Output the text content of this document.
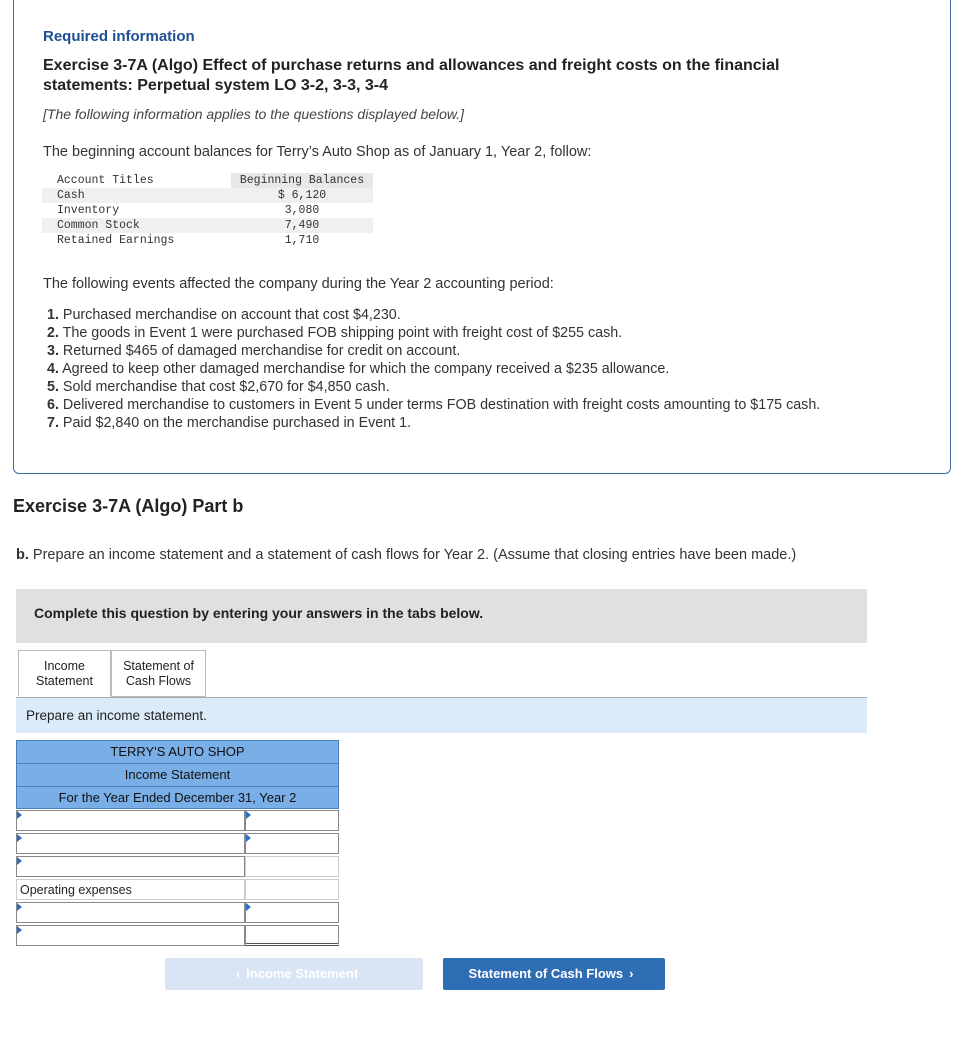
Required information
Exercise 3-7A (Algo) Effect of purchase returns and allowances and freight costs on the financial statements: Perpetual system LO 3-2, 3-3, 3-4
[The following information applies to the questions displayed below.]
The beginning account balances for Terry’s Auto Shop as of January 1, Year 2, follow:
Account Titles	Beginning Balances
Cash	$ 6,120
Inventory	3,080
Common Stock	7,490
Retained Earnings	1,710
The following events affected the company during the Year 2 accounting period:
1. Purchased merchandise on account that cost $4,230.
2. The goods in Event 1 were purchased FOB shipping point with freight cost of $255 cash.
3. Returned $465 of damaged merchandise for credit on account.
4. Agreed to keep other damaged merchandise for which the company received a $235 allowance.
5. Sold merchandise that cost $2,670 for $4,850 cash.
6. Delivered merchandise to customers in Event 5 under terms FOB destination with freight costs amounting to $175 cash.
7. Paid $2,840 on the merchandise purchased in Event 1.
Exercise 3-7A (Algo) Part b
b. Prepare an income statement and a statement of cash flows for Year 2. (Assume that closing entries have been made.)
Complete this question by entering your answers in the tabs below.
Income
Statement
Statement of
Cash Flows
Prepare an income statement.
TERRY'S AUTO SHOP
Income Statement
For the Year Ended December 31, Year 2
Operating expenses
‹ Income Statement	Statement of Cash Flows ›
